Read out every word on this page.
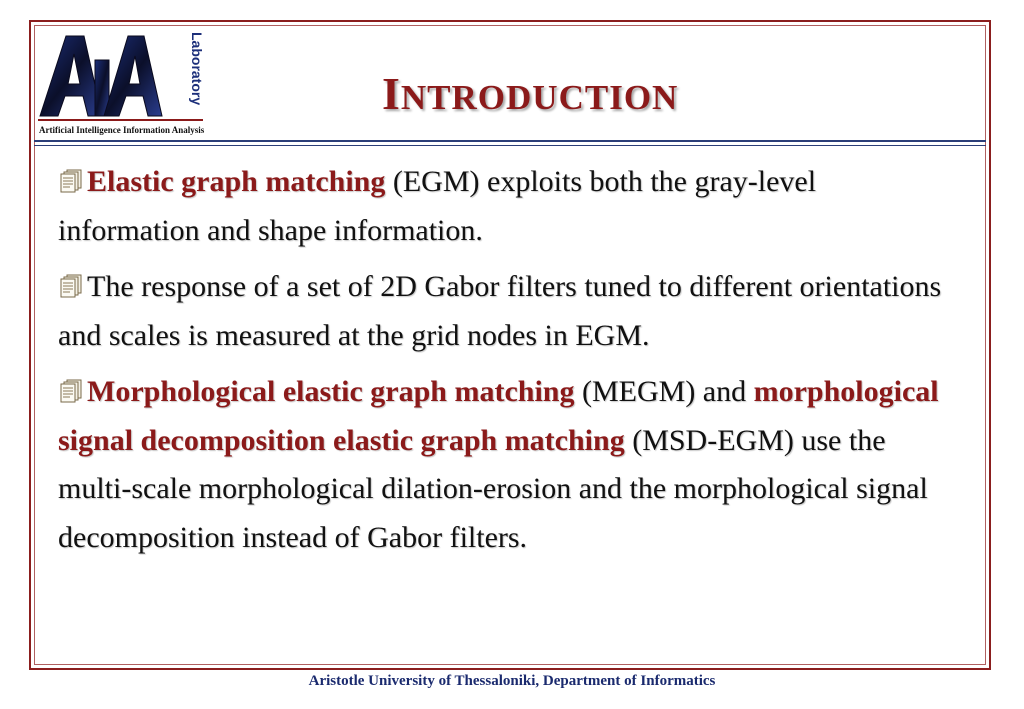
Laboratory
Artificial Intelligence Information Analysis
INTRODUCTION

Elastic graph matching (EGM) exploits both the gray-level information and shape information.

The response of a set of 2D Gabor filters tuned to different orientations and scales is measured at the grid nodes in EGM.

Morphological elastic graph matching (MEGM) and morphological signal decomposition elastic graph matching (MSD-EGM) use the multi-scale morphological dilation-erosion and the morphological signal decomposition instead of Gabor filters.

Aristotle University of Thessaloniki, Department of Informatics
